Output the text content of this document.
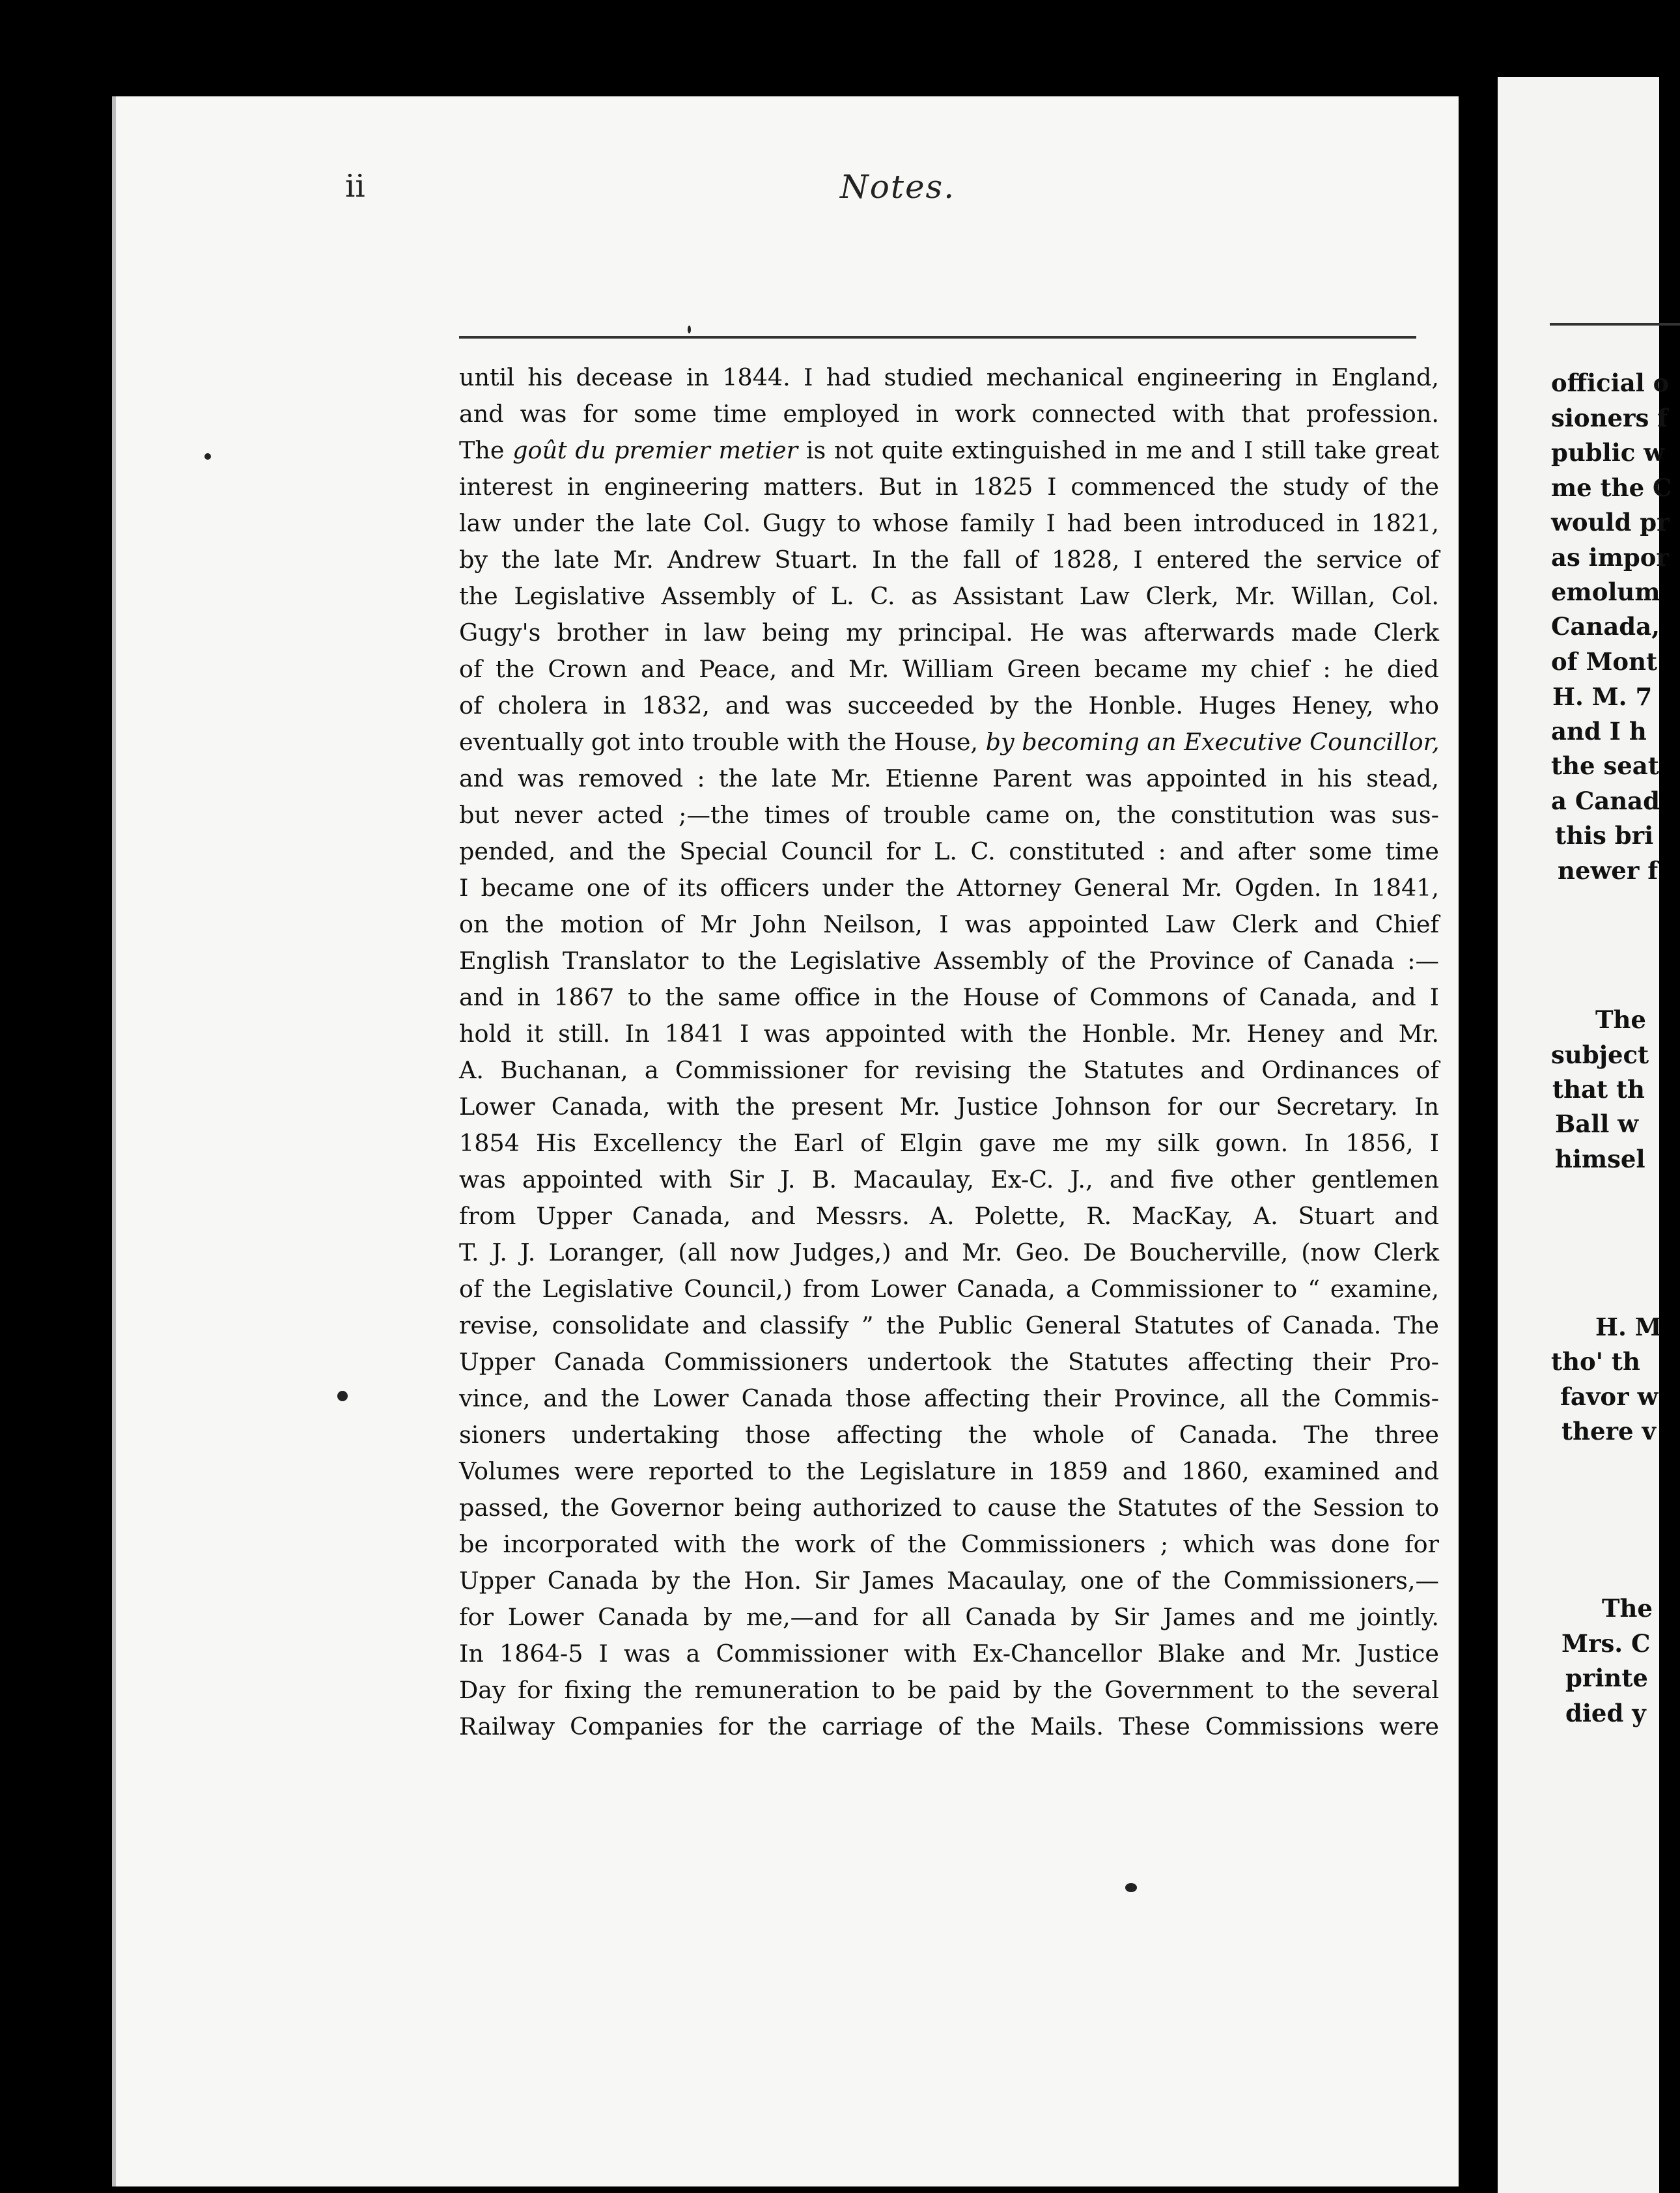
ii	Notes.
until his decease in 1844. I had studied mechanical engineering in England,
and was for some time employed in work connected with that profession.
The goût du premier metier is not quite extinguished in me and I still take great
interest in engineering matters. But in 1825 I commenced the study of the
law under the late Col. Gugy to whose family I had been introduced in 1821,
by the late Mr. Andrew Stuart. In the fall of 1828, I entered the service of
the Legislative Assembly of L. C. as Assistant Law Clerk, Mr. Willan, Col.
Gugy's brother in law being my principal. He was afterwards made Clerk
of the Crown and Peace, and Mr. William Green became my chief : he died
of cholera in 1832, and was succeeded by the Honble. Huges Heney, who
eventually got into trouble with the House, by becoming an Executive Councillor,
and was removed : the late Mr. Etienne Parent was appointed in his stead,
but never acted ;—the times of trouble came on, the constitution was sus-
pended, and the Special Council for L. C. constituted : and after some time
I became one of its officers under the Attorney General Mr. Ogden. In 1841,
on the motion of Mr John Neilson, I was appointed Law Clerk and Chief
English Translator to the Legislative Assembly of the Province of Canada :—
and in 1867 to the same office in the House of Commons of Canada, and I
hold it still. In 1841 I was appointed with the Honble. Mr. Heney and Mr.
A. Buchanan, a Commissioner for revising the Statutes and Ordinances of
Lower Canada, with the present Mr. Justice Johnson for our Secretary. In
1854 His Excellency the Earl of Elgin gave me my silk gown. In 1856, I
was appointed with Sir J. B. Macaulay, Ex-C. J., and five other gentlemen
from Upper Canada, and Messrs. A. Polette, R. MacKay, A. Stuart and
T. J. J. Loranger, (all now Judges,) and Mr. Geo. De Boucherville, (now Clerk
of the Legislative Council,) from Lower Canada, a Commissioner to “ examine,
revise, consolidate and classify ” the Public General Statutes of Canada. The
Upper Canada Commissioners undertook the Statutes affecting their Pro-
vince, and the Lower Canada those affecting their Province, all the Commis-
sioners undertaking those affecting the whole of Canada. The three
Volumes were reported to the Legislature in 1859 and 1860, examined and
passed, the Governor being authorized to cause the Statutes of the Session to
be incorporated with the work of the Commissioners ; which was done for
Upper Canada by the Hon. Sir James Macaulay, one of the Commissioners,—
for Lower Canada by me,—and for all Canada by Sir James and me jointly.
In 1864-5 I was a Commissioner with Ex-Chancellor Blake and Mr. Justice
Day for fixing the remuneration to be paid by the Government to the several
Railway Companies for the carriage of the Mails. These Commissions were
official o
sioners f
public w
me the C
would pr
as impor
emolum
Canada,
of Mont
H. M. 7
and I h
the seat
a Canad
this bri
newer f
The
subject
that th
Ball w
himsel
H. M
tho' th
favor w
there v
The
Mrs. C
printe
died y
